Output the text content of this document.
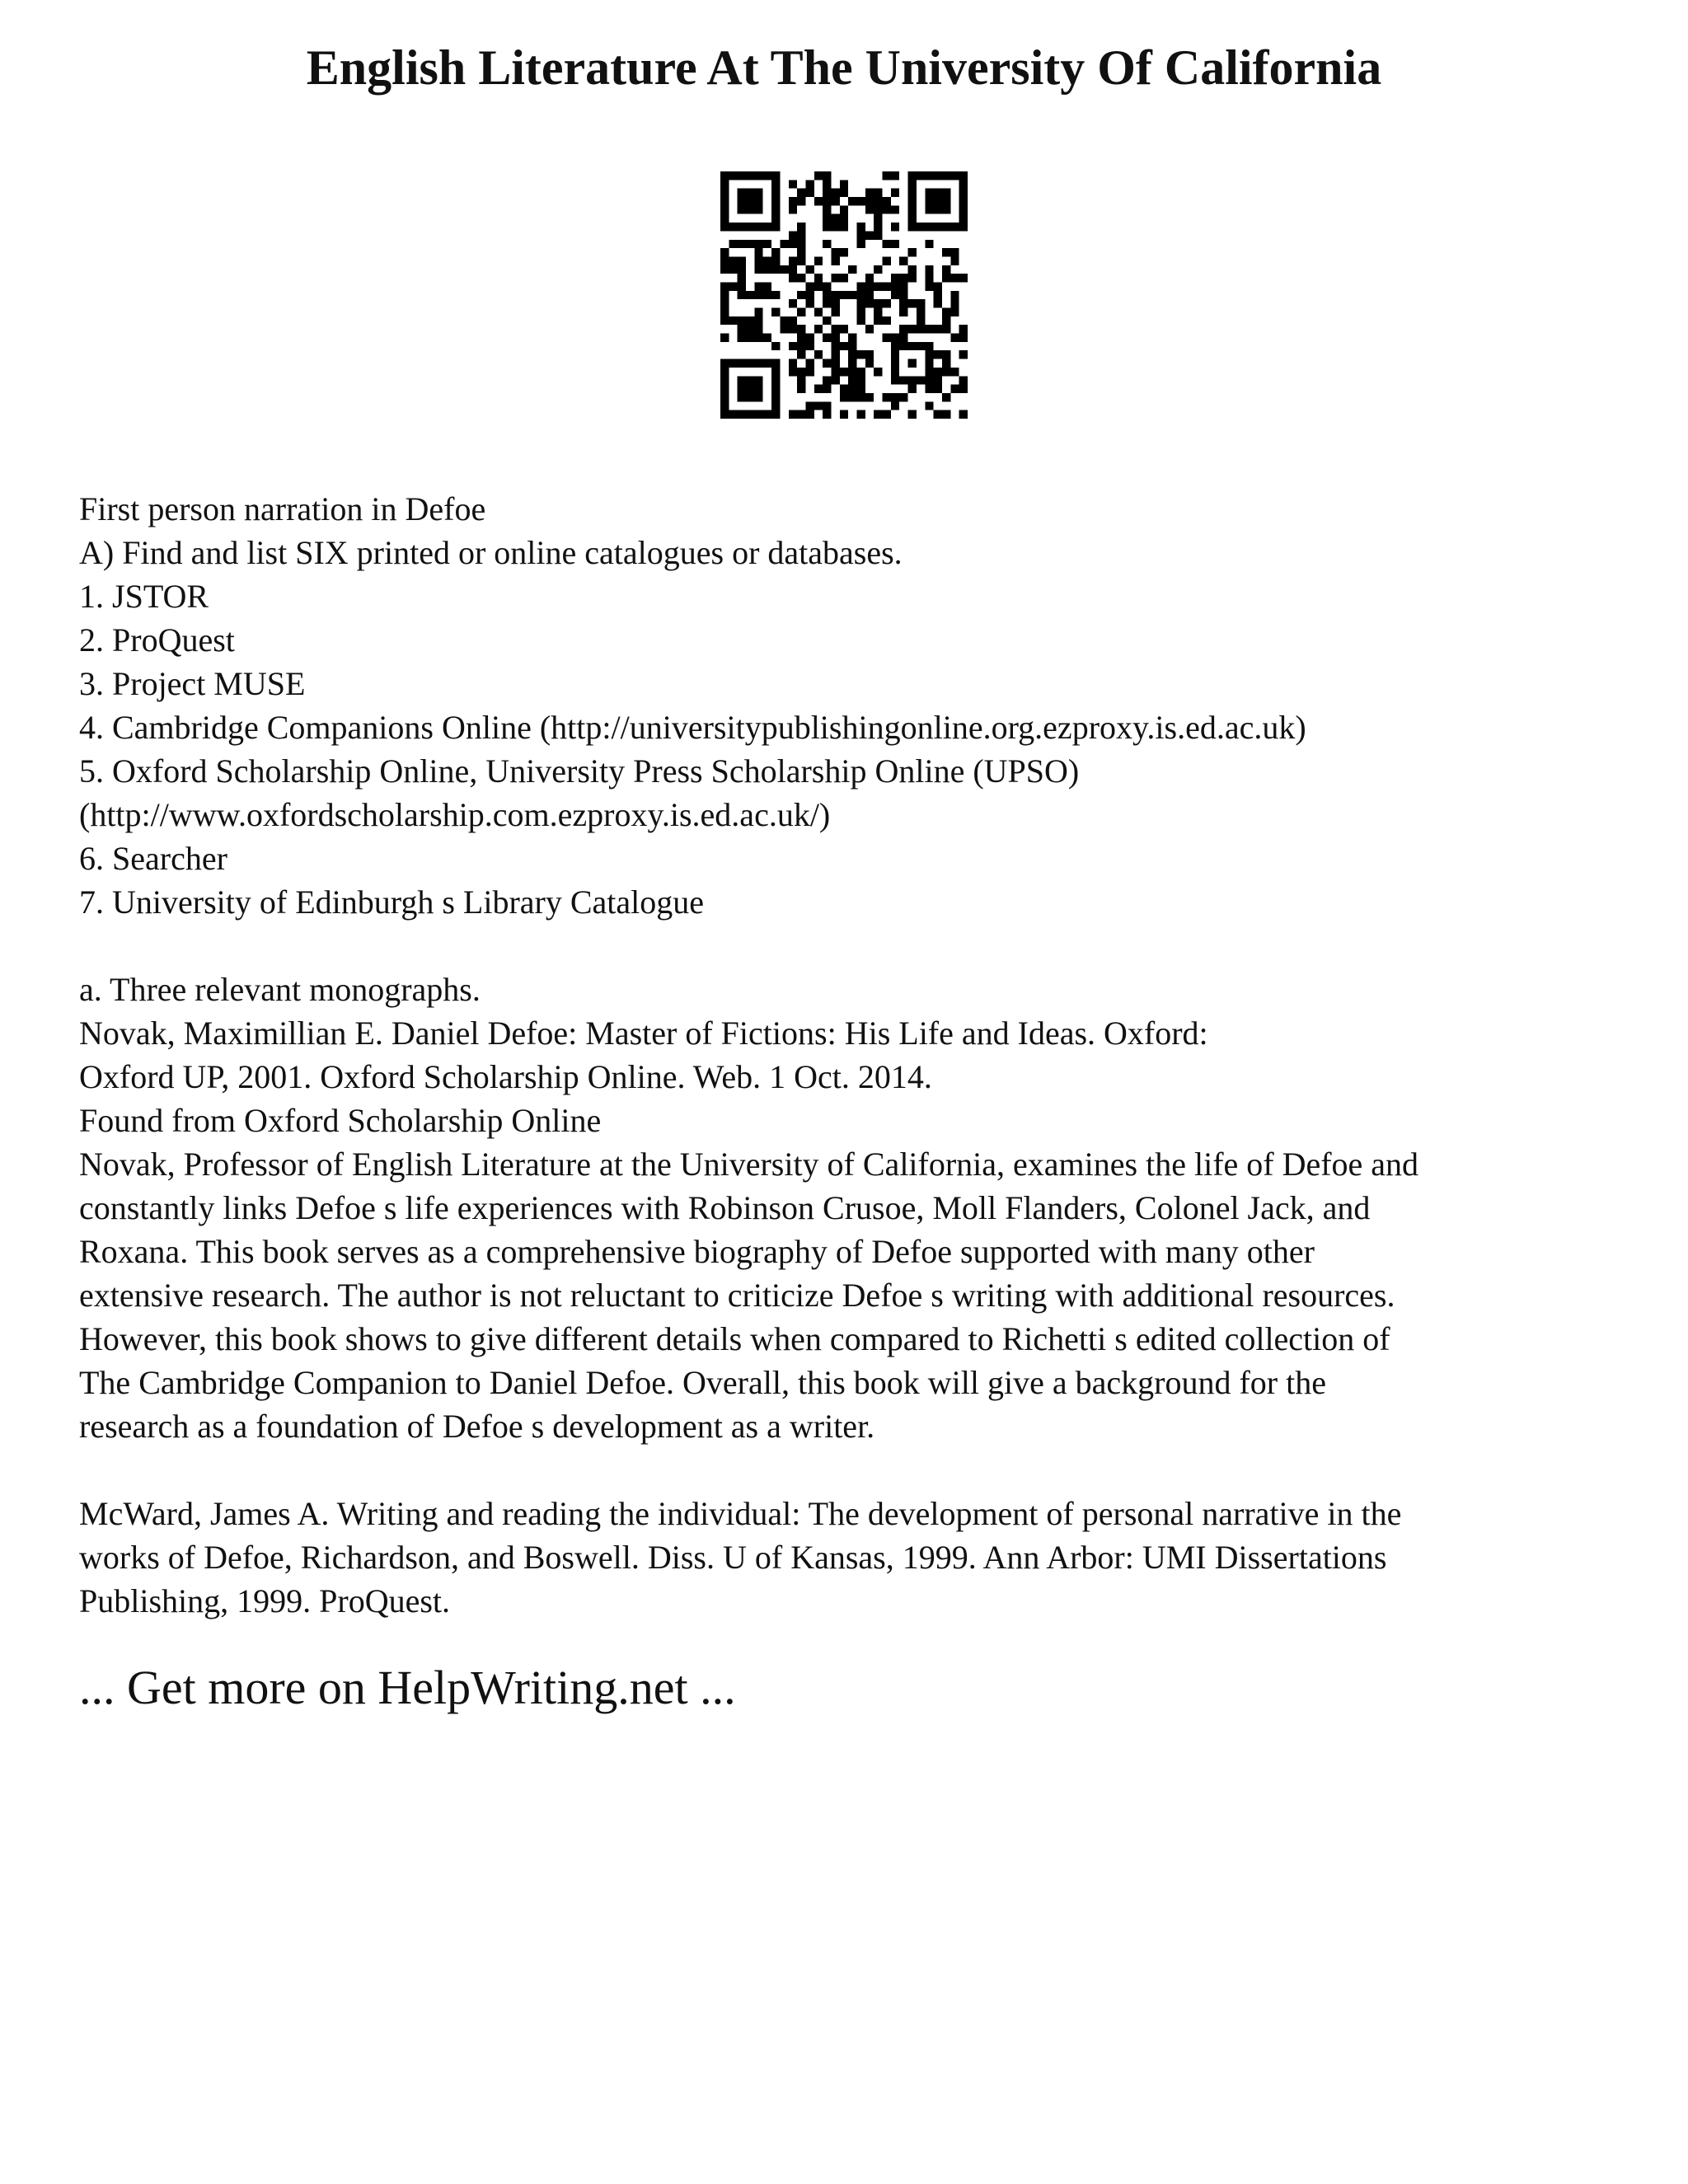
English Literature At The University Of California
First person narration in Defoe
A) Find and list SIX printed or online catalogues or databases.
1. JSTOR
2. ProQuest
3. Project MUSE
4. Cambridge Companions Online (http://universitypublishingonline.org.ezproxy.is.ed.ac.uk)
5. Oxford Scholarship Online, University Press Scholarship Online (UPSO)
(http://www.oxfordscholarship.com.ezproxy.is.ed.ac.uk/)
6. Searcher
7. University of Edinburgh s Library Catalogue
a. Three relevant monographs.
Novak, Maximillian E. Daniel Defoe: Master of Fictions: His Life and Ideas. Oxford:
Oxford UP, 2001. Oxford Scholarship Online. Web. 1 Oct. 2014.
Found from Oxford Scholarship Online
Novak, Professor of English Literature at the University of California, examines the life of Defoe and
constantly links Defoe s life experiences with Robinson Crusoe, Moll Flanders, Colonel Jack, and
Roxana. This book serves as a comprehensive biography of Defoe supported with many other
extensive research. The author is not reluctant to criticize Defoe s writing with additional resources.
However, this book shows to give different details when compared to Richetti s edited collection of
The Cambridge Companion to Daniel Defoe. Overall, this book will give a background for the
research as a foundation of Defoe s development as a writer.
McWard, James A. Writing and reading the individual: The development of personal narrative in the
works of Defoe, Richardson, and Boswell. Diss. U of Kansas, 1999. Ann Arbor: UMI Dissertations
Publishing, 1999. ProQuest.

... Get more on HelpWriting.net ...
